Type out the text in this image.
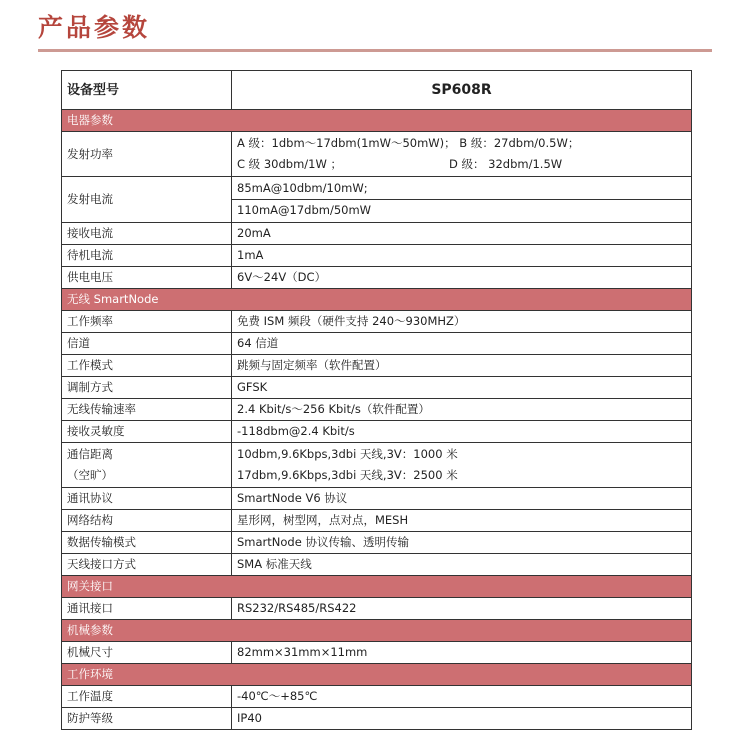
产品参数
设备型号	SP608R
电器参数	
发射功率	A 级：1dbm～17dbm(1mW～50mW)； B 级：27dbm/0.5W；
C 级 30dbm/1W ； D 级： 32dbm/1.5W

发射电流	85mA@10dbm/10mW;
110mA@17dbm/50mW

接收电流	20mA
待机电流	1mA
供电电压	6V～24V（DC）
无线 SmartNode	
工作频率	免费 ISM 频段（硬件支持 240～930MHZ）
信道	64 信道
工作模式	跳频与固定频率（软件配置）
调制方式	GFSK
无线传输速率	2.4 Kbit/s～256 Kbit/s（软件配置）
接收灵敏度	-118dbm@2.4 Kbit/s

通信距离
（空旷）	10dbm,9.6Kbps,3dbi 天线,3V：1000 米
17dbm,9.6Kbps,3dbi 天线,3V：2500 米

通讯协议	SmartNode V6 协议
网络结构	星形网，树型网，点对点，MESH
数据传输模式	SmartNode 协议传输、透明传输
天线接口方式	SMA 标准天线
网关接口	
通讯接口	RS232/RS485/RS422
机械参数	
机械尺寸	82mm×31mm×11mm
工作环境	
工作温度	-40℃～+85℃
防护等级	IP40
